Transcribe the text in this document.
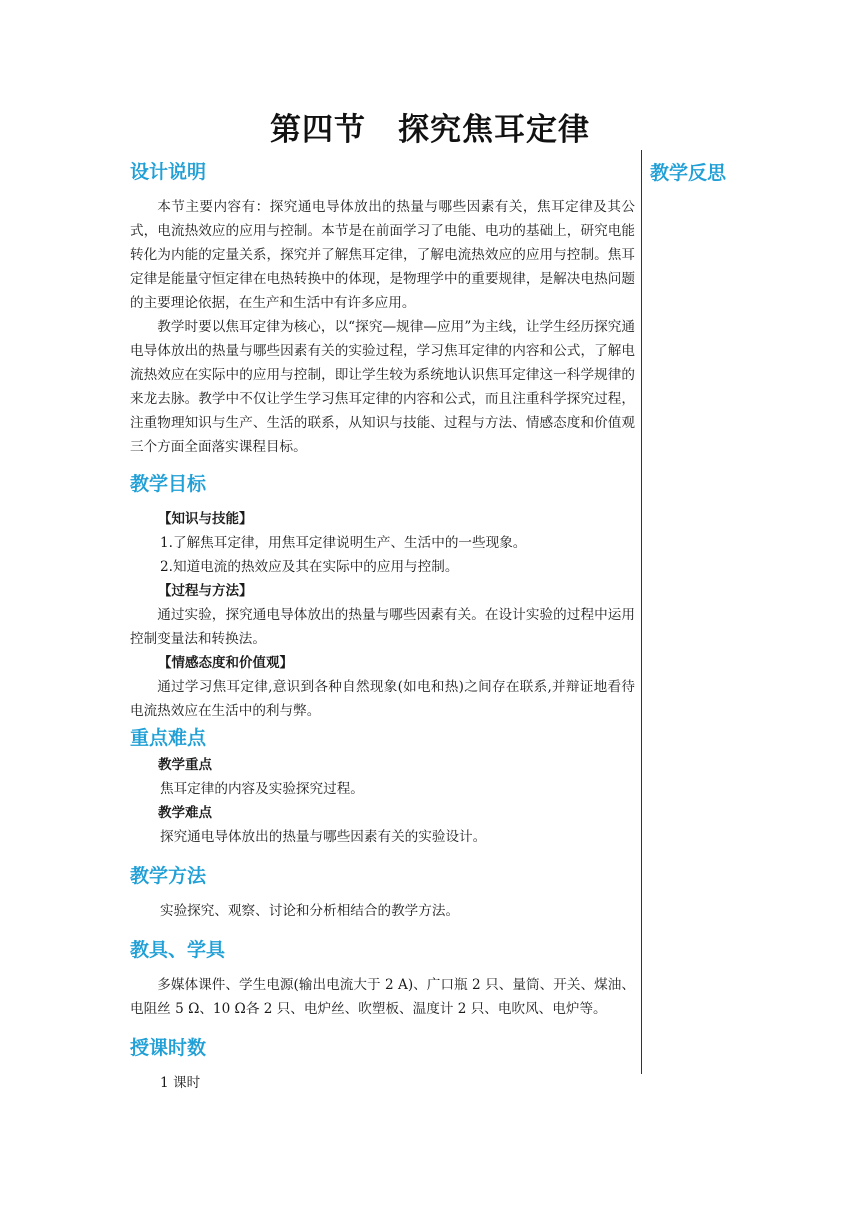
第四节　探究焦耳定律
教学反思
设计说明

本节主要内容有：探究通电导体放出的热量与哪些因素有关，焦耳定律及其公式，电流热效应的应用与控制。本节是在前面学习了电能、电功的基础上，研究电能转化为内能的定量关系，探究并了解焦耳定律，了解电流热效应的应用与控制。焦耳定律是能量守恒定律在电热转换中的体现，是物理学中的重要规律，是解决电热问题的主要理论依据，在生产和生活中有许多应用。

教学时要以焦耳定律为核心，以“探究—规律—应用”为主线，让学生经历探究通电导体放出的热量与哪些因素有关的实验过程，学习焦耳定律的内容和公式，了解电流热效应在实际中的应用与控制，即让学生较为系统地认识焦耳定律这一科学规律的来龙去脉。教学中不仅让学生学习焦耳定律的内容和公式，而且注重科学探究过程，注重物理知识与生产、生活的联系，从知识与技能、过程与方法、情感态度和价值观三个方面全面落实课程目标。

教学目标

【知识与技能】

1.了解焦耳定律，用焦耳定律说明生产、生活中的一些现象。

2.知道电流的热效应及其在实际中的应用与控制。

【过程与方法】

通过实验，探究通电导体放出的热量与哪些因素有关。在设计实验的过程中运用控制变量法和转换法。

【情感态度和价值观】

通过学习焦耳定律,意识到各种自然现象(如电和热)之间存在联系,并辩证地看待电流热效应在生活中的利与弊。

重点难点

教学重点

焦耳定律的内容及实验探究过程。

教学难点

探究通电导体放出的热量与哪些因素有关的实验设计。

教学方法

实验探究、观察、讨论和分析相结合的教学方法。

教具、学具

多媒体课件、学生电源(输出电流大于 2 A)、广口瓶 2 只、量筒、开关、煤油、电阻丝 5 Ω、10 Ω各 2 只、电炉丝、吹塑板、温度计 2 只、电吹风、电炉等。

授课时数

1 课时
